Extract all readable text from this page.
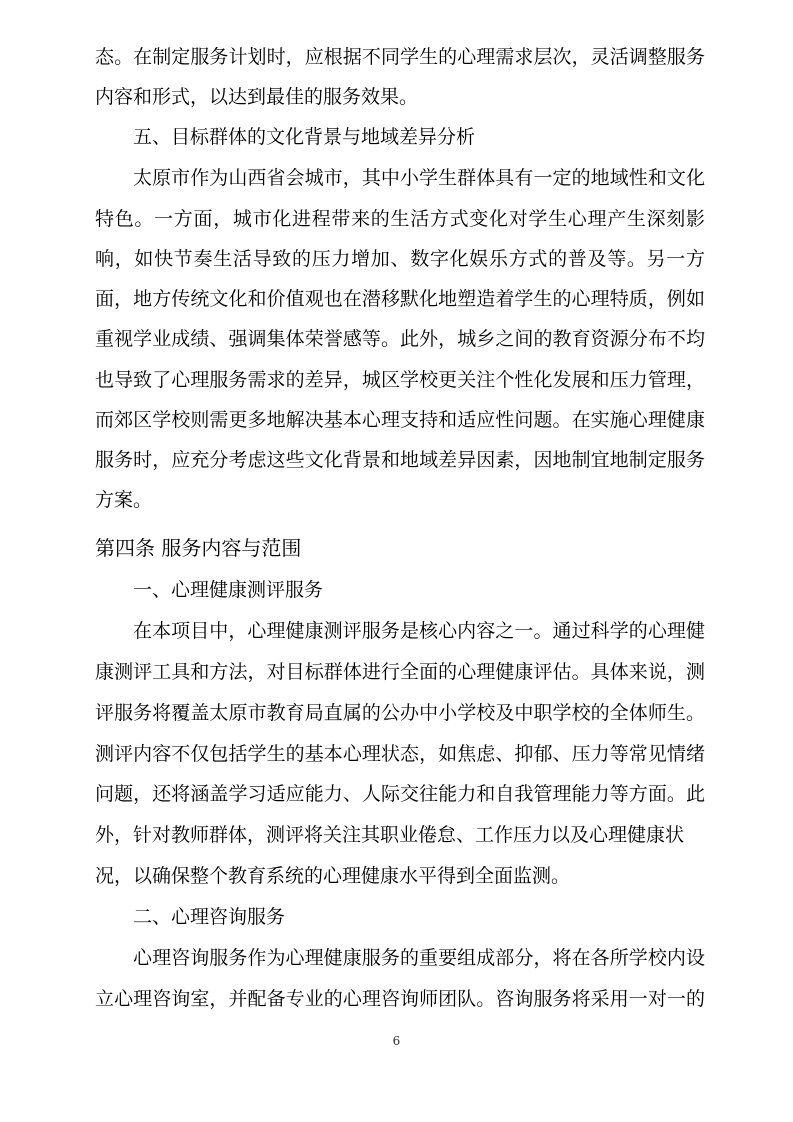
态。在制定服务计划时，应根据不同学生的心理需求层次，灵活调整服务
内容和形式，以达到最佳的服务效果。
五、目标群体的文化背景与地域差异分析
太原市作为山西省会城市，其中小学生群体具有一定的地域性和文化
特色。一方面，城市化进程带来的生活方式变化对学生心理产生深刻影
响，如快节奏生活导致的压力增加、数字化娱乐方式的普及等。另一方
面，地方传统文化和价值观也在潜移默化地塑造着学生的心理特质，例如
重视学业成绩、强调集体荣誉感等。此外，城乡之间的教育资源分布不均
也导致了心理服务需求的差异，城区学校更关注个性化发展和压力管理，
而郊区学校则需更多地解决基本心理支持和适应性问题。在实施心理健康
服务时，应充分考虑这些文化背景和地域差异因素，因地制宜地制定服务
方案。
第四条 服务内容与范围
一、心理健康测评服务
在本项目中，心理健康测评服务是核心内容之一。通过科学的心理健
康测评工具和方法，对目标群体进行全面的心理健康评估。具体来说，测
评服务将覆盖太原市教育局直属的公办中小学校及中职学校的全体师生。
测评内容不仅包括学生的基本心理状态，如焦虑、抑郁、压力等常见情绪
问题，还将涵盖学习适应能力、人际交往能力和自我管理能力等方面。此
外，针对教师群体，测评将关注其职业倦怠、工作压力以及心理健康状
况，以确保整个教育系统的心理健康水平得到全面监测。
二、心理咨询服务
心理咨询服务作为心理健康服务的重要组成部分，将在各所学校内设
立心理咨询室，并配备专业的心理咨询师团队。咨询服务将采用一对一的
6
